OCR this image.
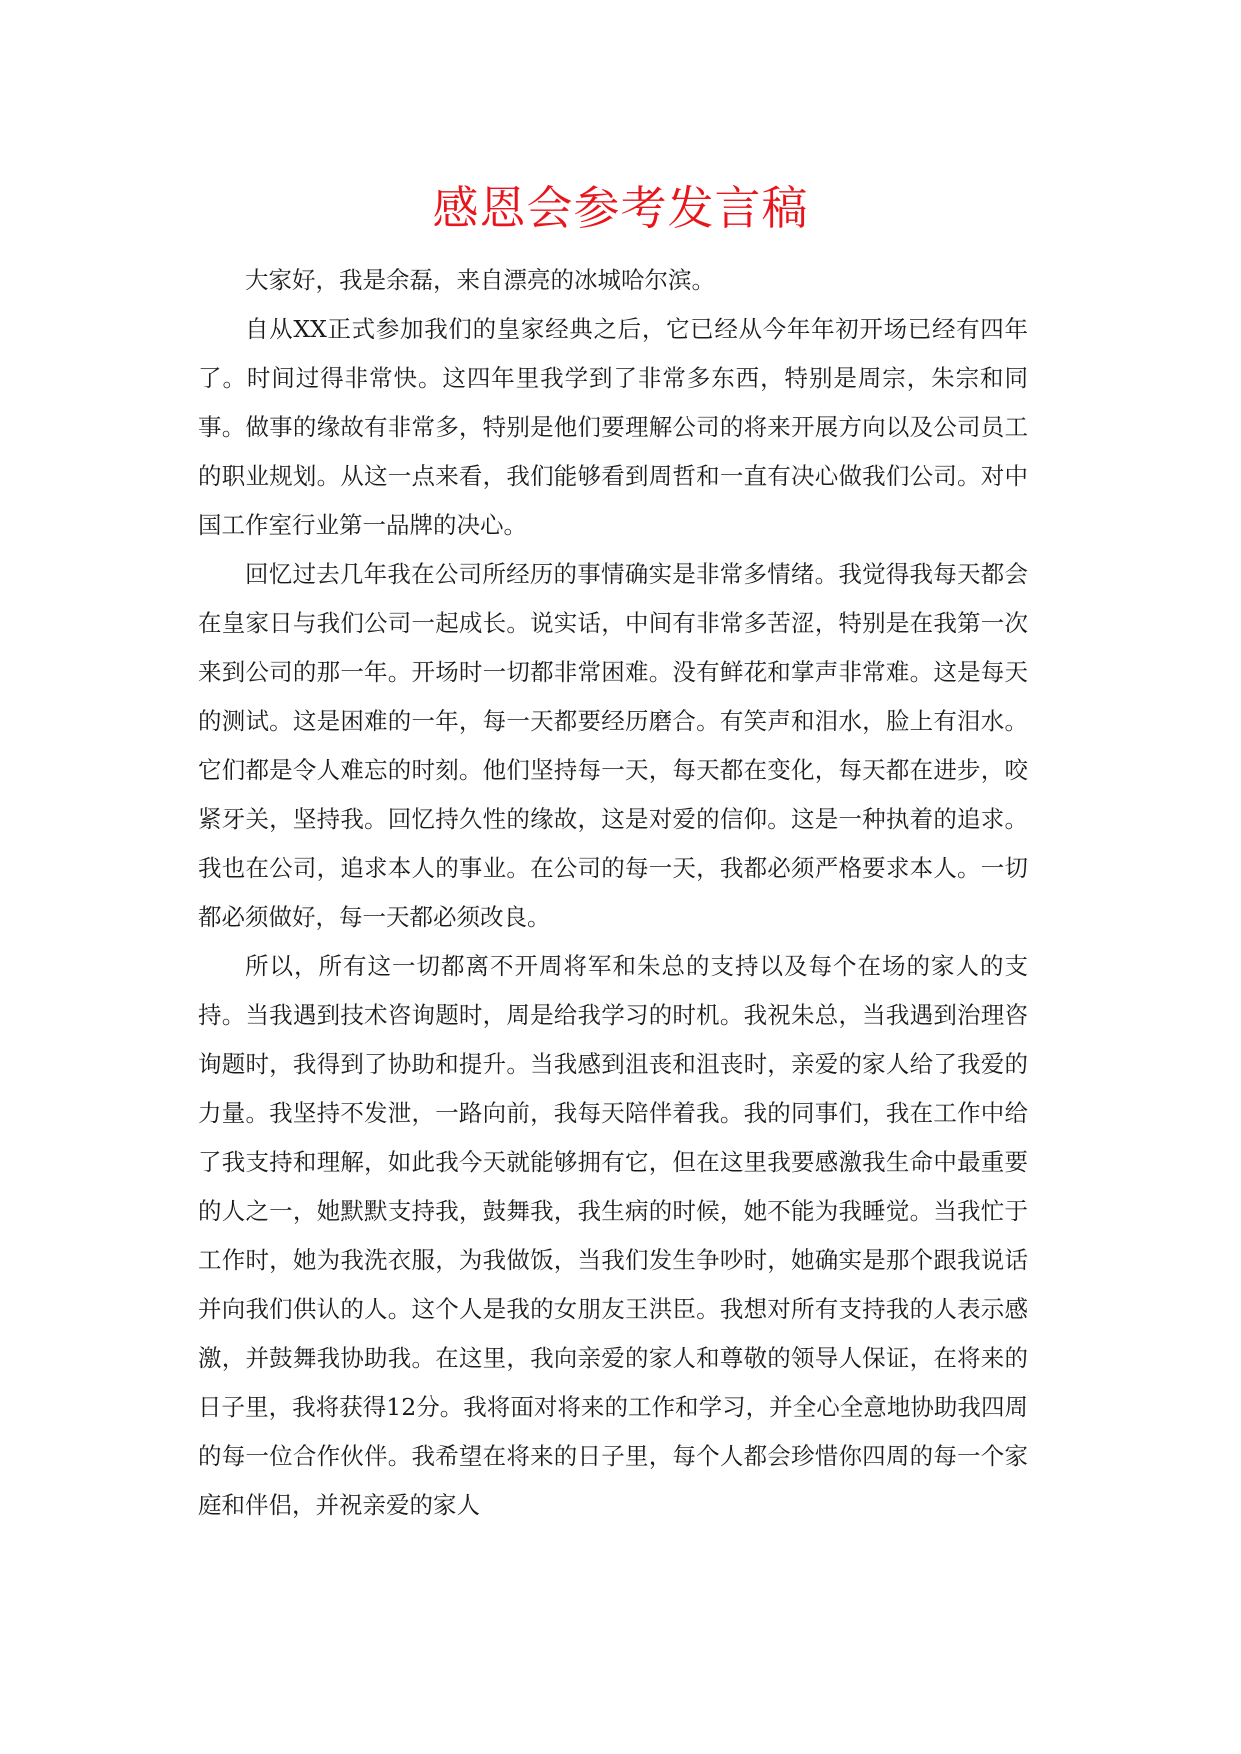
感恩会参考发言稿

大家好，我是余磊，来自漂亮的冰城哈尔滨。

自从XX正式参加我们的皇家经典之后，它已经从今年年初开场已经有四年了。时间过得非常快。这四年里我学到了非常多东西，特别是周宗，朱宗和同事。做事的缘故有非常多，特别是他们要理解公司的将来开展方向以及公司员工的职业规划。从这一点来看，我们能够看到周哲和一直有决心做我们公司。对中国工作室行业第一品牌的决心。

回忆过去几年我在公司所经历的事情确实是非常多情绪。我觉得我每天都会在皇家日与我们公司一起成长。说实话，中间有非常多苦涩，特别是在我第一次来到公司的那一年。开场时一切都非常困难。没有鲜花和掌声非常难。这是每天的测试。这是困难的一年，每一天都要经历磨合。有笑声和泪水，脸上有泪水。它们都是令人难忘的时刻。他们坚持每一天，每天都在变化，每天都在进步，咬紧牙关，坚持我。回忆持久性的缘故，这是对爱的信仰。这是一种执着的追求。我也在公司，追求本人的事业。在公司的每一天，我都必须严格要求本人。一切都必须做好，每一天都必须改良。

所以，所有这一切都离不开周将军和朱总的支持以及每个在场的家人的支持。当我遇到技术咨询题时，周是给我学习的时机。我祝朱总，当我遇到治理咨询题时，我得到了协助和提升。当我感到沮丧和沮丧时，亲爱的家人给了我爱的力量。我坚持不发泄，一路向前，我每天陪伴着我。我的同事们，我在工作中给了我支持和理解，如此我今天就能够拥有它，但在这里我要感激我生命中最重要的人之一，她默默支持我，鼓舞我，我生病的时候，她不能为我睡觉。当我忙于工作时，她为我洗衣服，为我做饭，当我们发生争吵时，她确实是那个跟我说话并向我们供认的人。这个人是我的女朋友王洪臣。我想对所有支持我的人表示感激，并鼓舞我协助我。在这里，我向亲爱的家人和尊敬的领导人保证，在将来的日子里，我将获得12分。我将面对将来的工作和学习，并全心全意地协助我四周的每一位合作伙伴。我希望在将来的日子里，每个人都会珍惜你四周的每一个家庭和伴侣，并祝亲爱的家人
